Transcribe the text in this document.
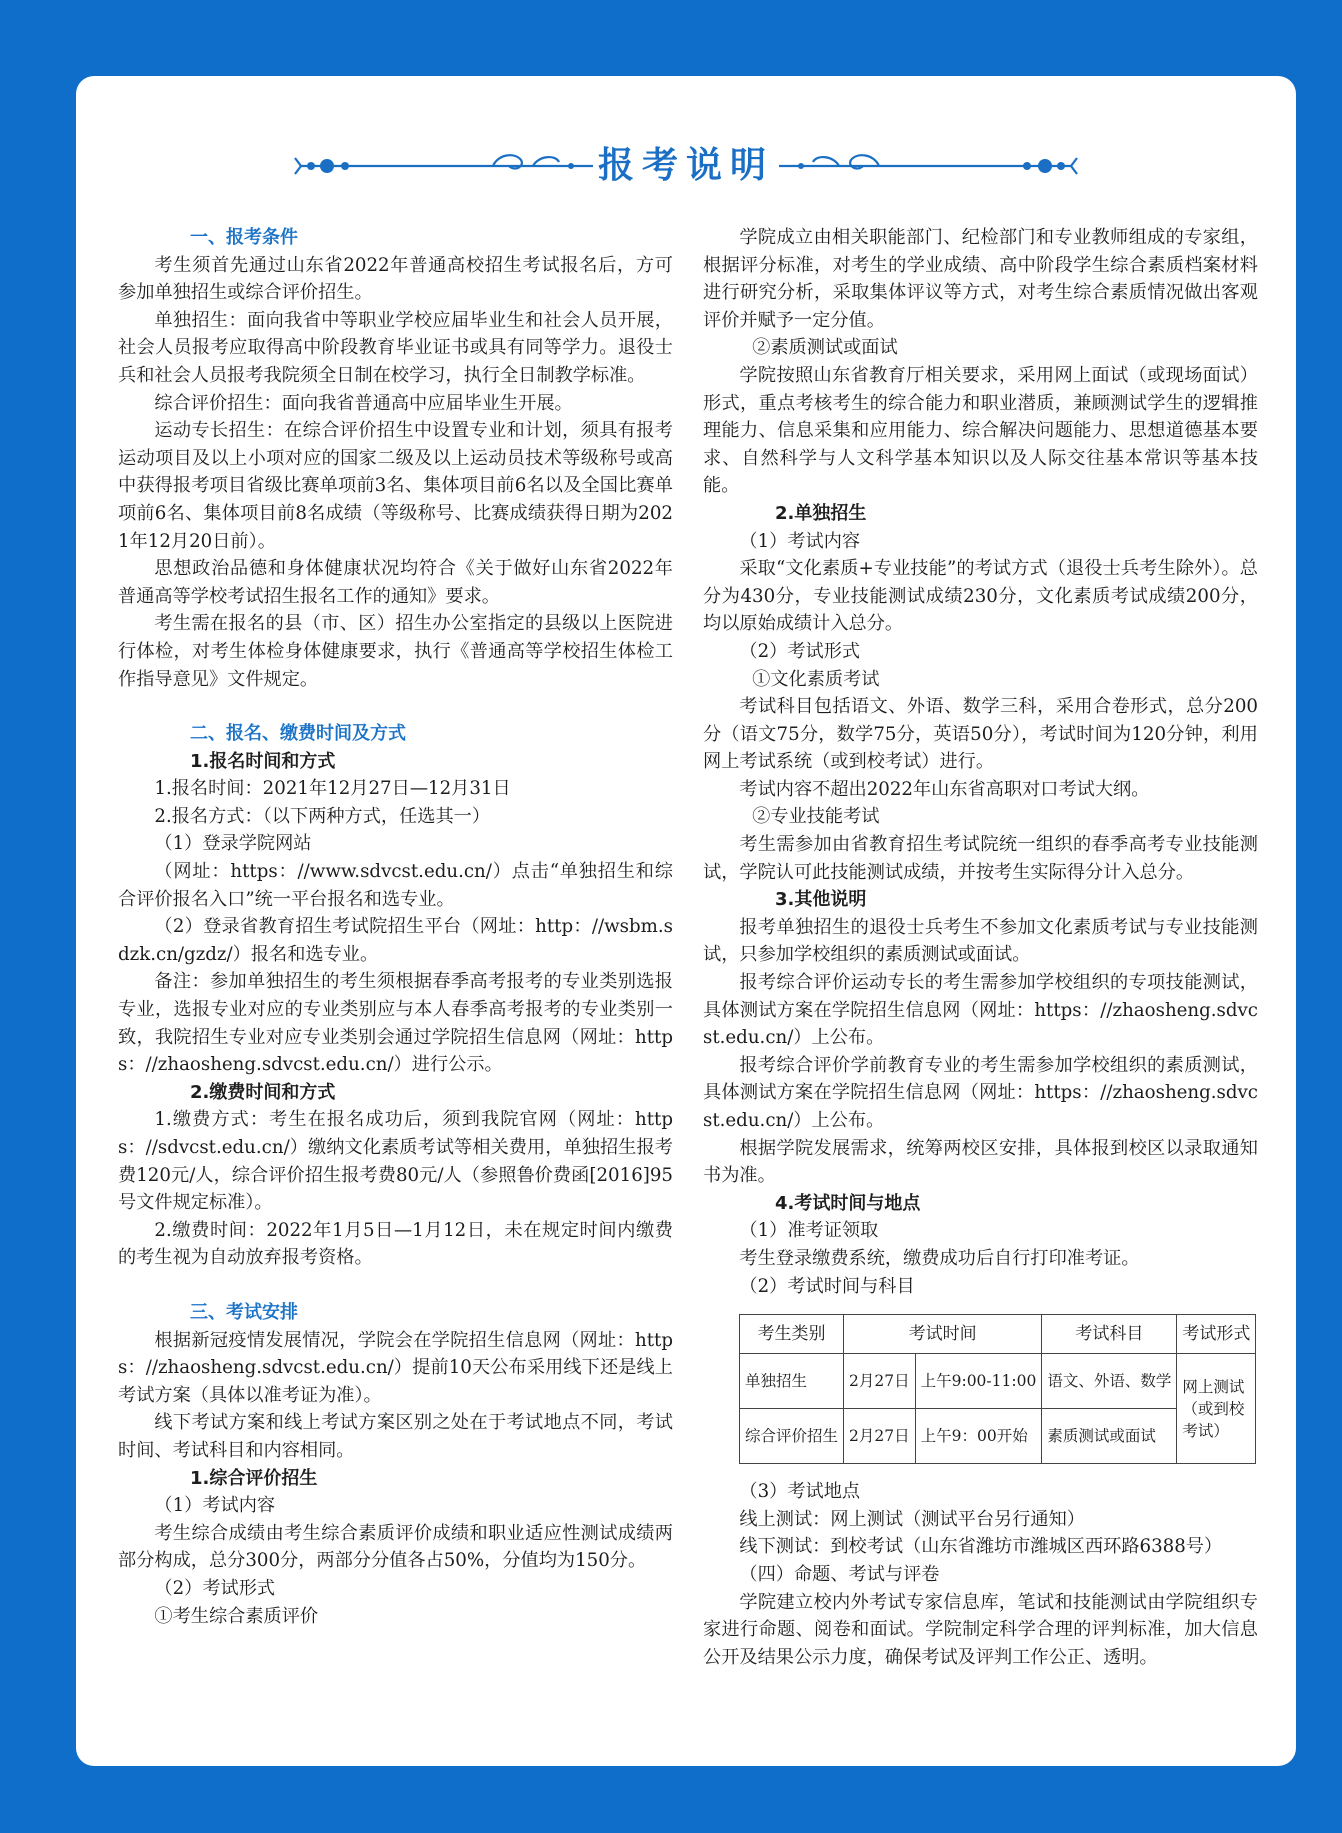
报考说明

一、报考条件

考生须首先通过山东省2022年普通高校招生考试报名后，方可参加单独招生或综合评价招生。

单独招生：面向我省中等职业学校应届毕业生和社会人员开展，社会人员报考应取得高中阶段教育毕业证书或具有同等学力。退役士兵和社会人员报考我院须全日制在校学习，执行全日制教学标准。

综合评价招生：面向我省普通高中应届毕业生开展。

运动专长招生：在综合评价招生中设置专业和计划，须具有报考运动项目及以上小项对应的国家二级及以上运动员技术等级称号或高中获得报考项目省级比赛单项前3名、集体项目前6名以及全国比赛单项前6名、集体项目前8名成绩（等级称号、比赛成绩获得日期为2021年12月20日前）。

思想政治品德和身体健康状况均符合《关于做好山东省2022年普通高等学校考试招生报名工作的通知》要求。

考生需在报名的县（市、区）招生办公室指定的县级以上医院进行体检，对考生体检身体健康要求，执行《普通高等学校招生体检工作指导意见》文件规定。

二、报名、缴费时间及方式

1.报名时间和方式

1.报名时间：2021年12月27日—12月31日

2.报名方式：（以下两种方式，任选其一）

（1）登录学院网站

（网址：https：//www.sdvcst.edu.cn/）点击“单独招生和综合评价报名入口”统一平台报名和选专业。

（2）登录省教育招生考试院招生平台（网址：http：//wsbm.sdzk.cn/gzdz/）报名和选专业。

备注：参加单独招生的考生须根据春季高考报考的专业类别选报专业，选报专业对应的专业类别应与本人春季高考报考的专业类别一致，我院招生专业对应专业类别会通过学院招生信息网（网址：https：//zhaosheng.sdvcst.edu.cn/）进行公示。

2.缴费时间和方式

1.缴费方式：考生在报名成功后，须到我院官网（网址：https：//sdvcst.edu.cn/）缴纳文化素质考试等相关费用，单独招生报考费120元/人，综合评价招生报考费80元/人（参照鲁价费函[2016]95号文件规定标准）。

2.缴费时间：2022年1月5日—1月12日，未在规定时间内缴费的考生视为自动放弃报考资格。

三、考试安排

根据新冠疫情发展情况，学院会在学院招生信息网（网址：https：//zhaosheng.sdvcst.edu.cn/）提前10天公布采用线下还是线上考试方案（具体以准考证为准）。

线下考试方案和线上考试方案区别之处在于考试地点不同，考试时间、考试科目和内容相同。

1.综合评价招生

（1）考试内容

考生综合成绩由考生综合素质评价成绩和职业适应性测试成绩两部分构成，总分300分，两部分分值各占50%，分值均为150分。

（2）考试形式

①考生综合素质评价

学院成立由相关职能部门、纪检部门和专业教师组成的专家组，根据评分标准，对考生的学业成绩、高中阶段学生综合素质档案材料进行研究分析，采取集体评议等方式，对考生综合素质情况做出客观评价并赋予一定分值。

②素质测试或面试

学院按照山东省教育厅相关要求，采用网上面试（或现场面试）形式，重点考核考生的综合能力和职业潜质，兼顾测试学生的逻辑推理能力、信息采集和应用能力、综合解决问题能力、思想道德基本要求、自然科学与人文科学基本知识以及人际交往基本常识等基本技能。

2.单独招生

（1）考试内容

采取“文化素质+专业技能”的考试方式（退役士兵考生除外）。总分为430分，专业技能测试成绩230分，文化素质考试成绩200分，均以原始成绩计入总分。

（2）考试形式

①文化素质考试

考试科目包括语文、外语、数学三科，采用合卷形式，总分200分（语文75分，数学75分，英语50分），考试时间为120分钟，利用网上考试系统（或到校考试）进行。

考试内容不超出2022年山东省高职对口考试大纲。

②专业技能考试

考生需参加由省教育招生考试院统一组织的春季高考专业技能测试，学院认可此技能测试成绩，并按考生实际得分计入总分。

3.其他说明

报考单独招生的退役士兵考生不参加文化素质考试与专业技能测试，只参加学校组织的素质测试或面试。

报考综合评价运动专长的考生需参加学校组织的专项技能测试，具体测试方案在学院招生信息网（网址：https：//zhaosheng.sdvcst.edu.cn/）上公布。

报考综合评价学前教育专业的考生需参加学校组织的素质测试，具体测试方案在学院招生信息网（网址：https：//zhaosheng.sdvcst.edu.cn/）上公布。

根据学院发展需求，统筹两校区安排，具体报到校区以录取通知书为准。

4.考试时间与地点

（1）准考证领取

考生登录缴费系统，缴费成功后自行打印准考证。

（2）考试时间与科目

考生类别	考试时间		考试科目	考试形式
单独招生	2月27日	上午9:00-11:00	语文、外语、数学	网上测试（或到校考试）
综合评价招生	2月27日	上午9：00开始	素质测试或面试	

（3）考试地点

线上测试：网上测试（测试平台另行通知）

线下测试：到校考试（山东省潍坊市潍城区西环路6388号）

（四）命题、考试与评卷

学院建立校内外考试专家信息库，笔试和技能测试由学院组织专家进行命题、阅卷和面试。学院制定科学合理的评判标准，加大信息公开及结果公示力度，确保考试及评判工作公正、透明。
